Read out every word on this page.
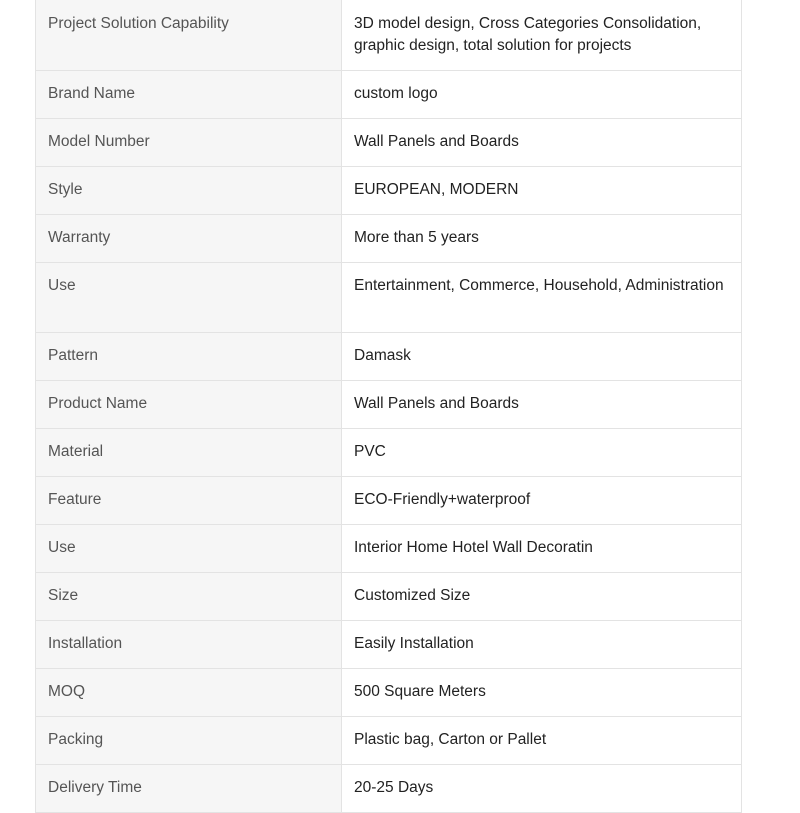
Project Solution Capability	3D model design, Cross Categories Consolidation, graphic design, total solution for projects
Brand Name	custom logo
Model Number	Wall Panels and Boards
Style	EUROPEAN, MODERN
Warranty	More than 5 years
Use	Entertainment, Commerce, Household, Administration
Pattern	Damask
Product Name	Wall Panels and Boards
Material	PVC
Feature	ECO-Friendly+waterproof
Use	Interior Home Hotel Wall Decoratin
Size	Customized Size
Installation	Easily Installation
MOQ	500 Square Meters
Packing	Plastic bag, Carton or Pallet
Delivery Time	20-25 Days
